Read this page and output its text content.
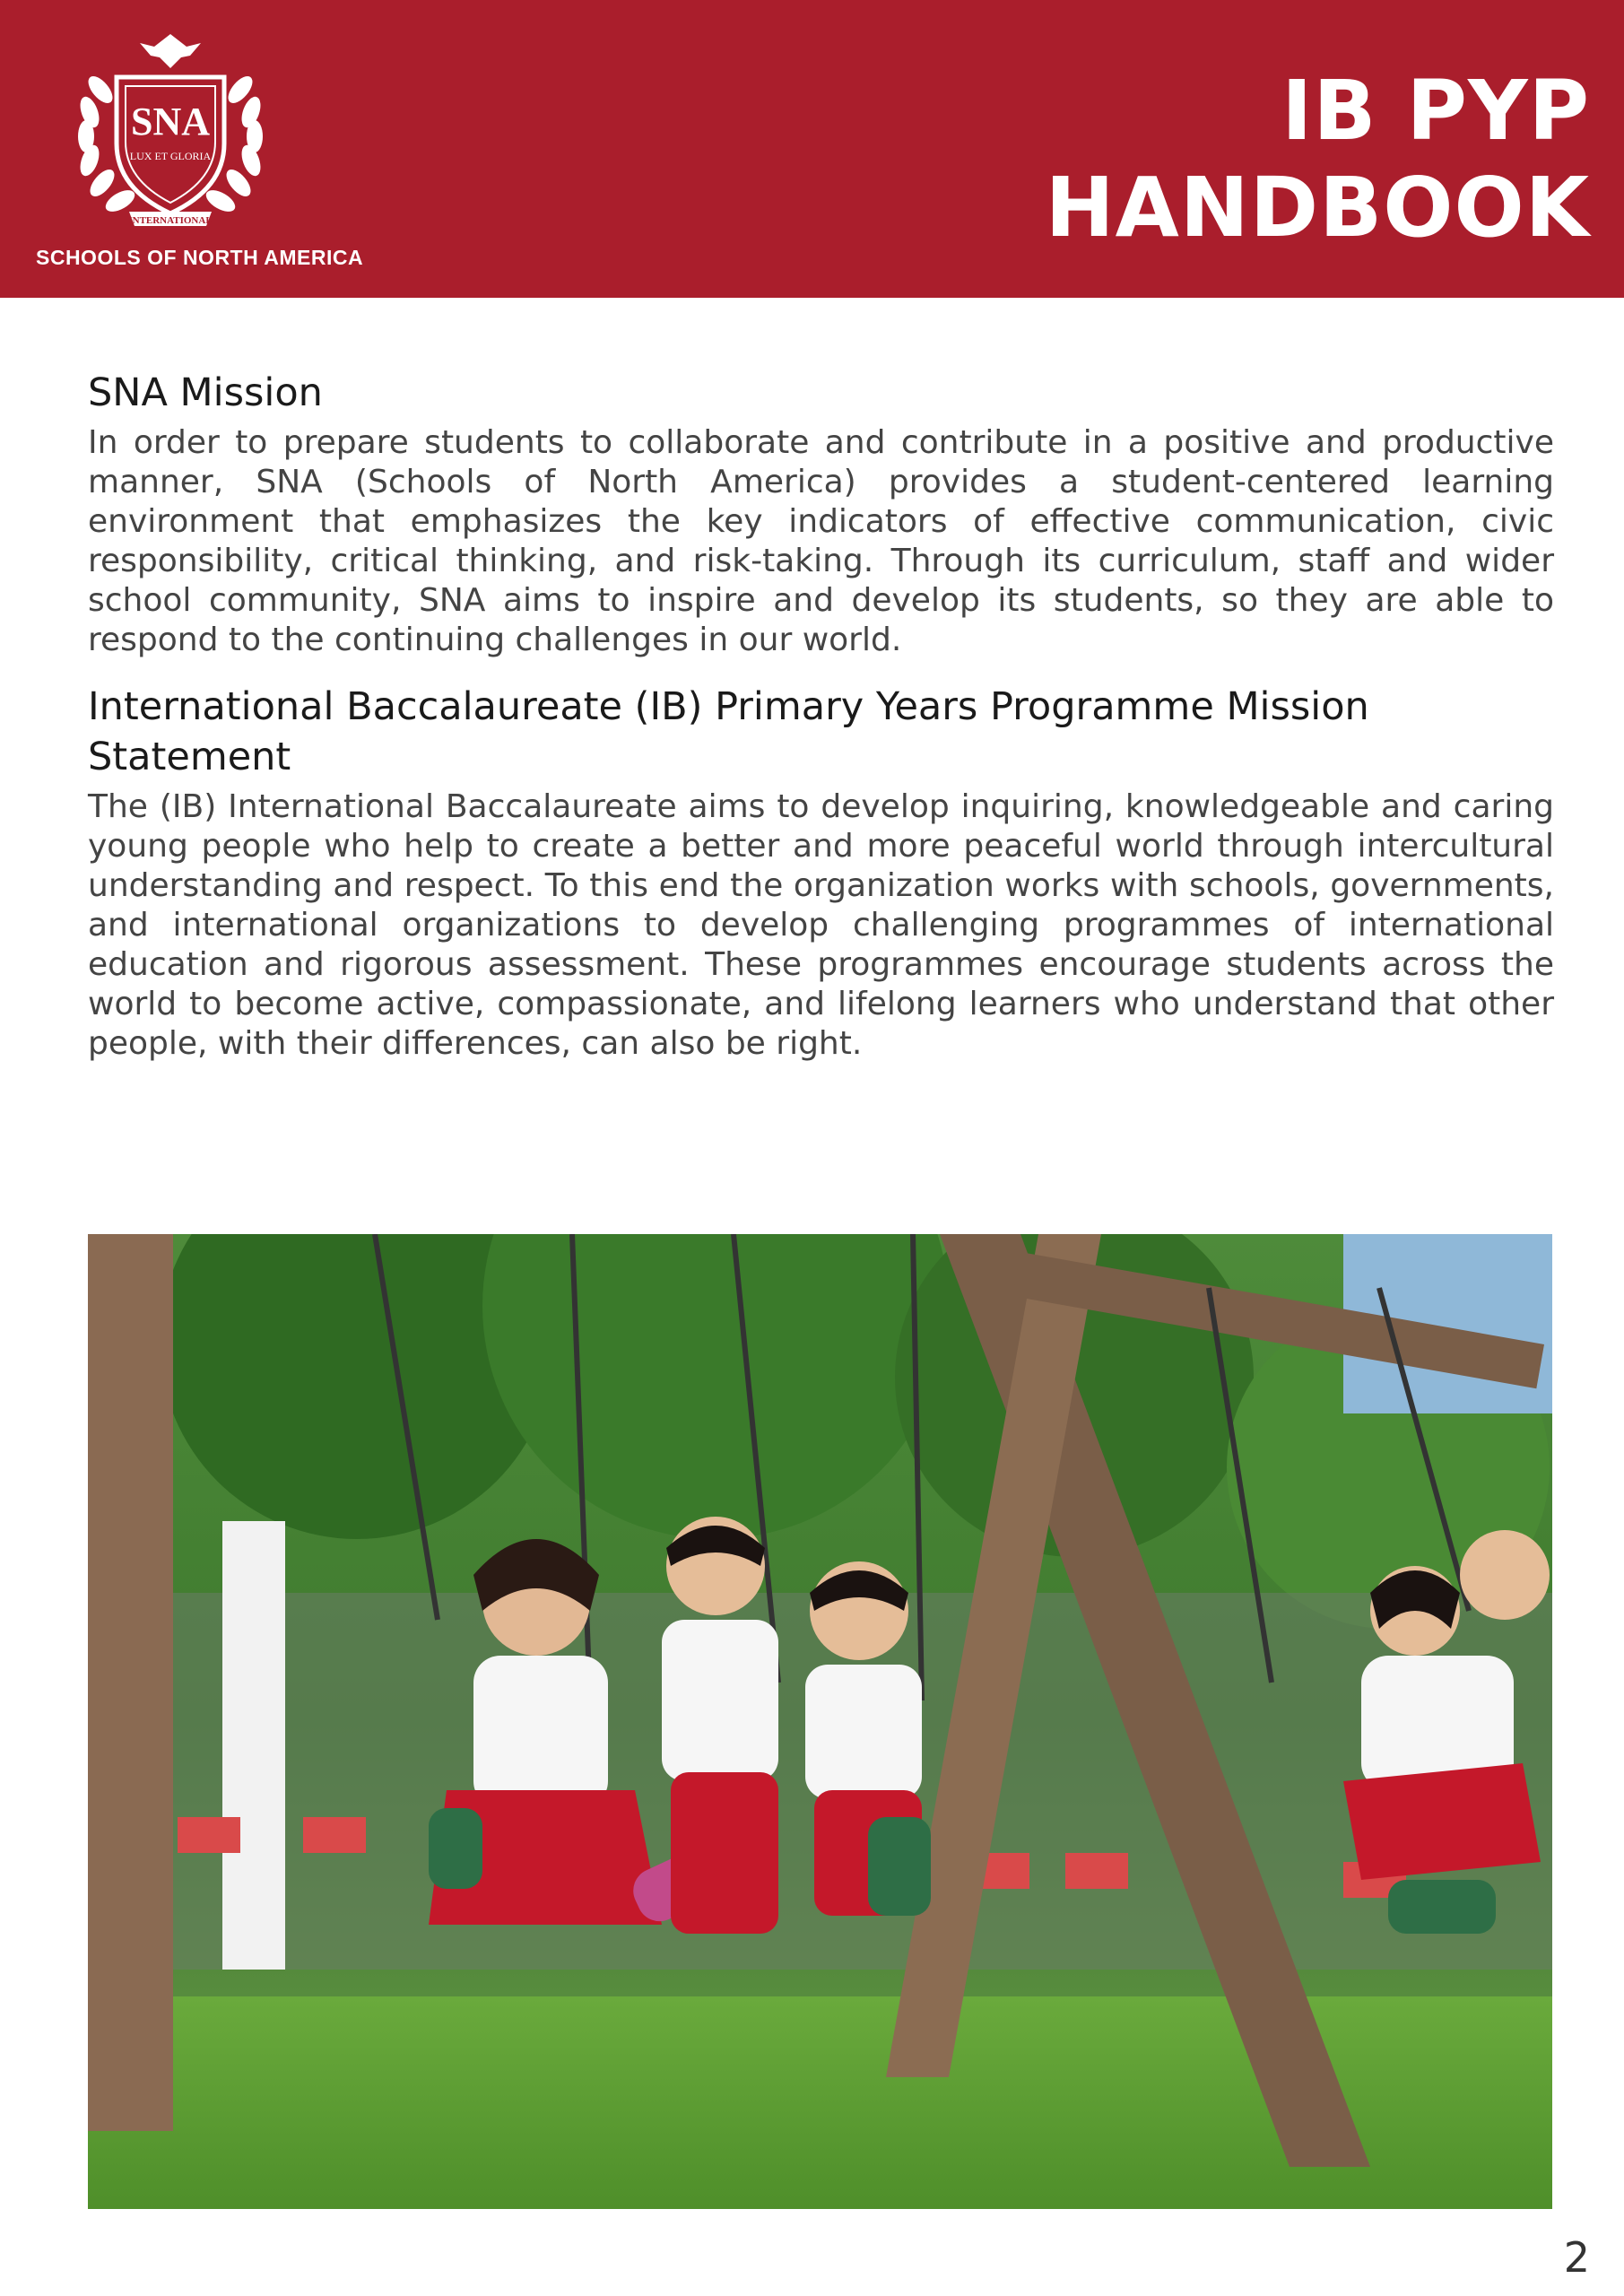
SNA
LUX ET GLORIA
INTERNATIONAL
SCHOOLS OF NORTH AMERICA
IB PYP
HANDBOOK
SNA Mission

In order to prepare students to collaborate and contribute in a positive and productive manner, SNA (Schools of North America) provides a student-centered learning environment that emphasizes the key indicators of effective communication, civic responsibility, critical thinking, and risk-taking. Through its curriculum, staff and wider school community, SNA aims to inspire and develop its students, so they are able to respond to the continuing challenges in our world.

International Baccalaureate (IB) Primary Years Programme Mission Statement

The (IB) International Baccalaureate aims to develop inquiring, knowledgeable and caring young people who help to create a better and more peaceful world through intercultural understanding and respect. To this end the organization works with schools, governments, and international organizations to develop challenging programmes of international education and rigorous assessment. These programmes encourage students across the world to become active, compassionate, and lifelong learners who understand that other people, with their differences, can also be right.

2
